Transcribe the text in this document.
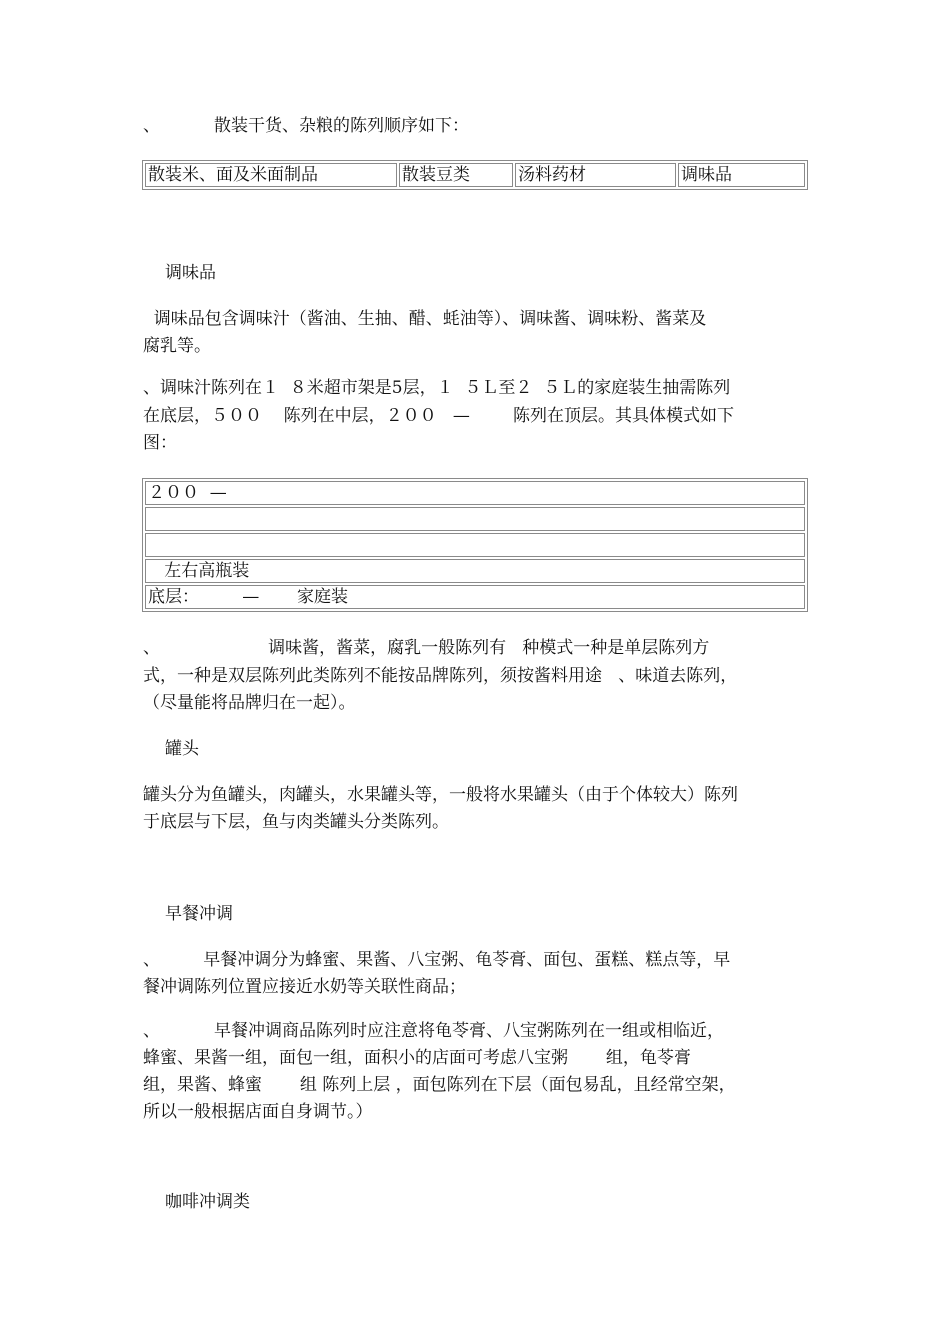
、          散装干货、杂粮的陈列顺序如下：

散装米、面及米面制品	散装豆类	汤料药材	调味品

调味品

调味品包含调味汁（酱油、生抽、醋、蚝油等）、调味酱、调味粉、酱菜及

腐乳等。

、调味汁陈列在１  ８米超市架是5层，１  ５Ｌ至２  ５Ｌ的家庭装生抽需陈列

在底层，５００    陈列在中层，２００   —        陈列在顶层。其具体模式如下

图：

２００  —

左右高瓶装
底层：        —       家庭装

、                    调味酱，酱菜，腐乳一般陈列有   种模式一种是单层陈列方

式，一种是双层陈列此类陈列不能按品牌陈列，须按酱料用途   、味道去陈列，

（尽量能将品牌归在一起）。

罐头

罐头分为鱼罐头，肉罐头，水果罐头等，一般将水果罐头（由于个体较大）陈列

于底层与下层，鱼与肉类罐头分类陈列。

早餐冲调

、        早餐冲调分为蜂蜜、果酱、八宝粥、龟苓膏、面包、蛋糕、糕点等，早

餐冲调陈列位置应接近水奶等关联性商品；

、          早餐冲调商品陈列时应注意将龟苓膏、八宝粥陈列在一组或相临近，

蜂蜜、果酱一组，面包一组，面积小的店面可考虑八宝粥       组，龟苓膏

组，果酱、蜂蜜       组 陈列上层 ，面包陈列在下层（面包易乱，且经常空架，

所以一般根据店面自身调节。）

咖啡冲调类
